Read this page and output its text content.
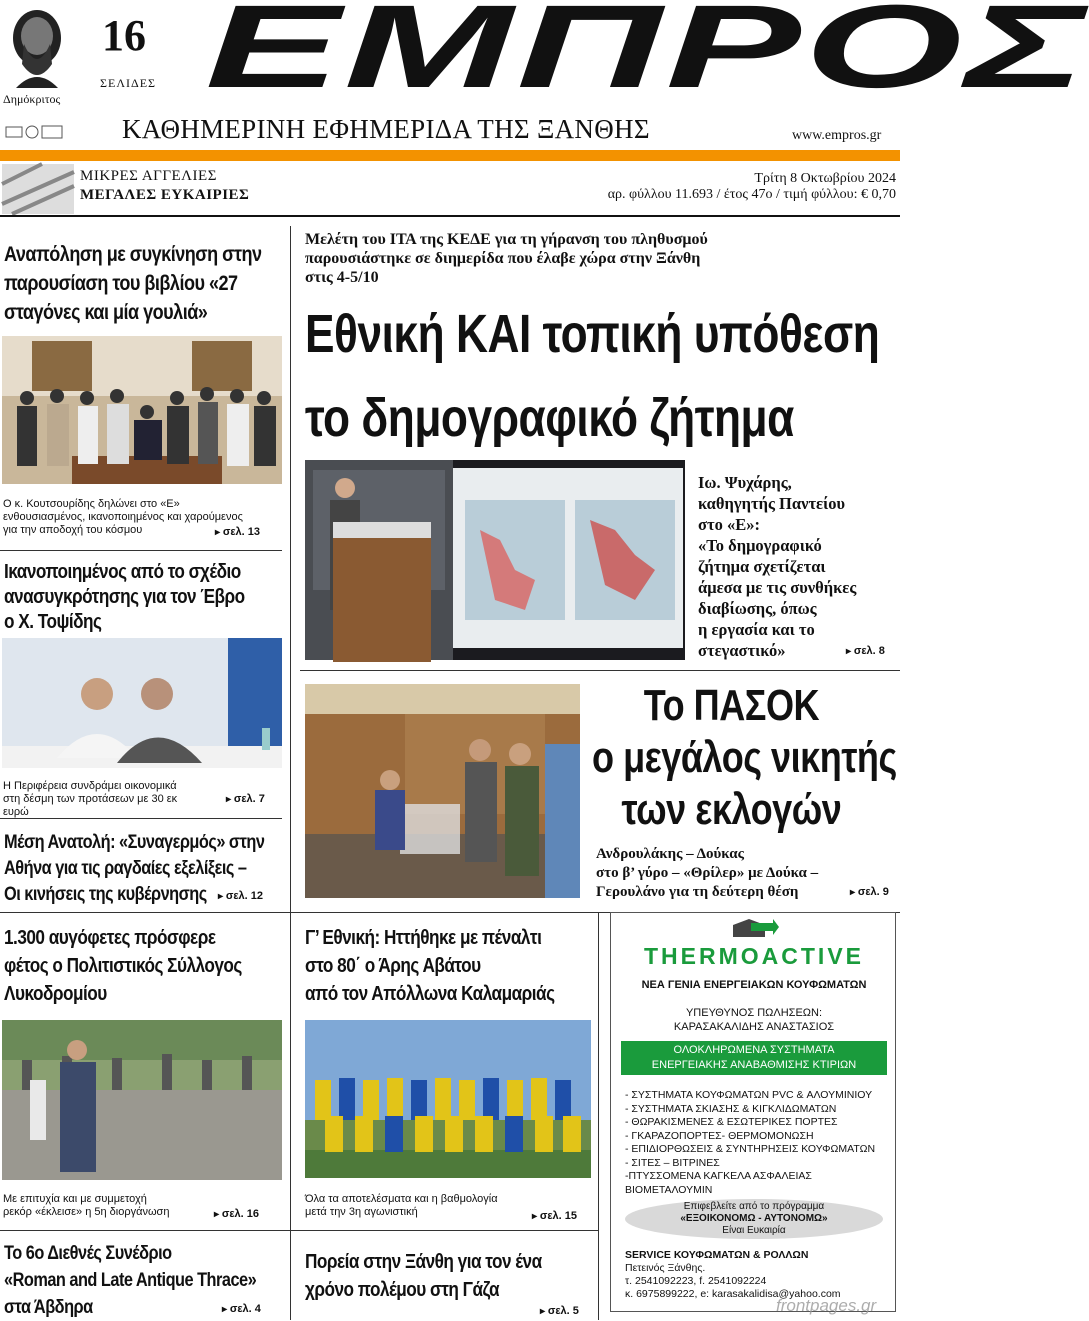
Δημόκριτος
16
ΣΕΛΙΔΕΣ ΕΜΠΡΟΣ
ΚΑΘΗΜΕΡΙΝΗ ΕΦΗΜΕΡΙΔΑ ΤΗΣ ΞΑΝΘΗΣ	www.empros.gr
ΜΙΚΡΕΣ ΑΓΓΕΛΙΕΣ
ΜΕΓΑΛΕΣ ΕΥΚΑΙΡΙΕΣ
Τρίτη 8 Οκτωβρίου 2024
αρ. φύλλου 11.693 / έτος 47ο / τιμή φύλλου: € 0,70
Αναπόληση με συγκίνηση στην
παρουσίαση του βιβλίου «27
σταγόνες και μία γουλιά»
Ο κ. Κουτσουρίδης δηλώνει στο «Ε»
ενθουσιασμένος, ικανοποιημένος και χαρούμενος
για την αποδοχή του κόσμου	▸ σελ. 13
Ικανοποιημένος από το σχέδιο
ανασυγκρότησης για τον Έβρο
ο Χ. Τοψίδης
Η Περιφέρεια συνδράμει οικονομικά
στη δέσμη των προτάσεων με 30 εκ ευρώ
▸ σελ. 7
Μέση Ανατολή: «Συναγερμός» στην
Αθήνα για τις ραγδαίες εξελίξεις –
Οι κινήσεις της κυβέρνησης	▸ σελ. 12
Μελέτη του ΙΤΑ της ΚΕΔΕ για τη γήρανση του πληθυσμού
παρουσιάστηκε σε διημερίδα που έλαβε χώρα στην Ξάνθη
στις 4-5/10
Εθνική ΚΑΙ τοπική υπόθεση
το δημογραφικό ζήτημα
Ιω. Ψυχάρης,
καθηγητής Παντείου
στο «Ε»:
«Το δημογραφικό
ζήτημα σχετίζεται
άμεσα με τις συνθήκες
διαβίωσης, όπως
η εργασία και το
στεγαστικό»	▸ σελ. 8
Το ΠΑΣΟΚ
ο μεγάλος νικητής
των εκλογών
Ανδρουλάκης – Δούκας
στο β’ γύρο – «Θρίλερ» με Δούκα –
Γερουλάνο για τη δεύτερη θέση	▸ σελ. 9
1.300 αυγόφετες πρόσφερε
φέτος ο Πολιτιστικός Σύλλογος
Λυκοδρομίου
Με επιτυχία και με συμμετοχή
ρεκόρ «έκλεισε» η 5η διοργάνωση	▸ σελ. 16
Γ’ Εθνική: Ηττήθηκε με πέναλτι
στο 80΄ ο Άρης Αβάτου
από τον Απόλλωνα Καλαμαριάς
Όλα τα αποτελέσματα και η βαθμολογία
μετά την 3η αγωνιστική	▸ σελ. 15
Το 6ο Διεθνές Συνέδριο
«Roman and Late Antique Thrace»
στα Άβδηρα	▸ σελ. 4
Πορεία στην Ξάνθη για τον ένα
χρόνο πολέμου στη Γάζα
▸ σελ. 5
THERMOACTIVE
ΝΕΑ ΓΕΝΙΑ ΕΝΕΡΓΕΙΑΚΩΝ ΚΟΥΦΩΜΑΤΩΝ
ΥΠΕΥΘΥΝΟΣ ΠΩΛΗΣΕΩΝ:
ΚΑΡΑΣΑΚΑΛΙΔΗΣ ΑΝΑΣΤΑΣΙΟΣ
ΟΛΟΚΛΗΡΩΜΕΝΑ ΣΥΣΤΗΜΑΤΑ
ΕΝΕΡΓΕΙΑΚΗΣ ΑΝΑΒΑΘΜΙΣΗΣ ΚΤΙΡΙΩΝ
- ΣΥΣΤΗΜΑΤΑ ΚΟΥΦΩΜΑΤΩΝ PVC & ΑΛΟΥΜΙΝΙΟΥ
- ΣΥΣΤΗΜΑΤΑ ΣΚΙΑΣΗΣ & ΚΙΓΚΛΙΔΩΜΑΤΩΝ
- ΘΩΡΑΚΙΣΜΕΝΕΣ & ΕΣΩΤΕΡΙΚΕΣ ΠΟΡΤΕΣ
- ΓΚΑΡΑΖΟΠΟΡΤΕΣ- ΘΕΡΜΟΜΟΝΩΣΗ
- ΕΠΙΔΙΟΡΘΩΣΕΙΣ & ΣΥΝΤΗΡΗΣΕΙΣ ΚΟΥΦΩΜΑΤΩΝ
- ΣΙΤΕΣ – ΒΙΤΡΙΝΕΣ
-ΠΤΥΣΣΟΜΕΝΑ ΚΑΓΚΕΛΑ ΑΣΦΑΛΕΙΑΣ
ΒΙΟΜΕΤΑΛΟΥΜΙΝ
Επιφεβλείτε από το πρόγραμμα
«ΕΞΟΙΚΟΝΟΜΩ - ΑΥΤΟΝΟΜΩ»
Είναι Ευκαιρία
SERVICE ΚΟΥΦΩΜΑΤΩΝ & ΡΟΛΛΩΝ
Πετεινός Ξάνθης.
τ. 2541092223, f. 2541092224
κ. 6975899222, e: karasakalidisa@yahoo.com
frontpages.gr
